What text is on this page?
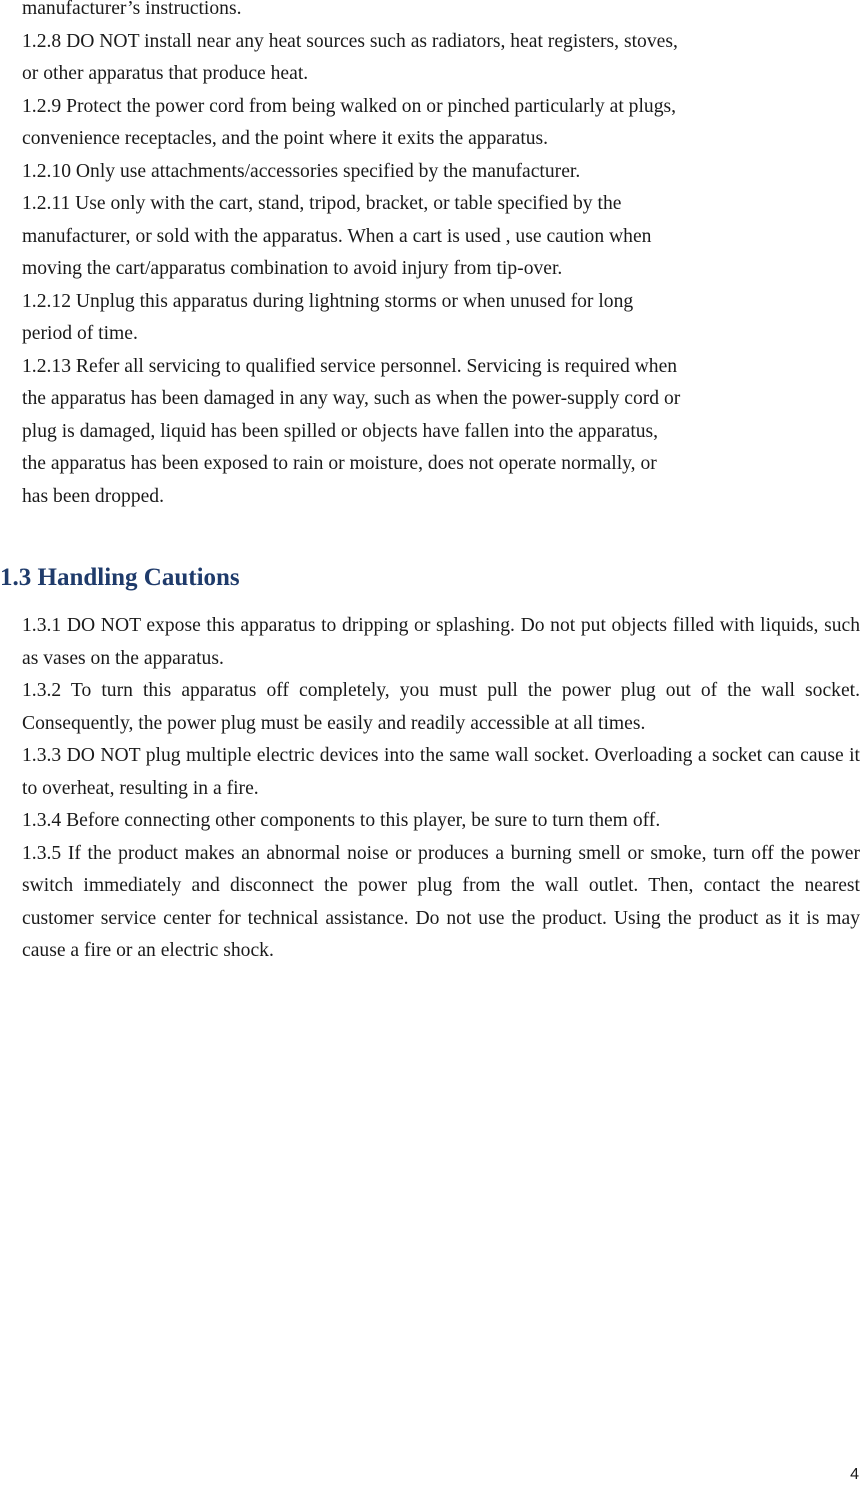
manufacturer’s instructions.

1.2.8 DO NOT install near any heat sources such as radiators, heat registers, stoves,

or other apparatus that produce heat.

1.2.9 Protect the power cord from being walked on or pinched particularly at plugs,

convenience receptacles, and the point where it exits the apparatus.

1.2.10 Only use attachments/accessories specified by the manufacturer.

1.2.11 Use only with the cart, stand, tripod, bracket, or table specified by the

manufacturer, or sold with the apparatus. When a cart is used , use caution when

moving the cart/apparatus combination to avoid injury from tip-over.

1.2.12 Unplug this apparatus during lightning storms or when unused for long

period of time.

1.2.13 Refer all servicing to qualified service personnel. Servicing is required when

the apparatus has been damaged in any way, such as when the power-supply cord or

plug is damaged, liquid has been spilled or objects have fallen into the apparatus,

the apparatus has been exposed to rain or moisture, does not operate normally, or

has been dropped.

1.3 Handling Cautions

1.3.1 DO NOT expose this apparatus to dripping or splashing. Do not put objects filled with liquids, such as vases on the apparatus.

1.3.2 To turn this apparatus off completely, you must pull the power plug out of the wall socket. Consequently, the power plug must be easily and readily accessible at all times.

1.3.3 DO NOT plug multiple electric devices into the same wall socket. Overloading a socket can cause it to overheat, resulting in a fire.

1.3.4 Before connecting other components to this player, be sure to turn them off.

1.3.5 If the product makes an abnormal noise or produces a burning smell or smoke, turn off the power switch immediately and disconnect the power plug from the wall outlet. Then, contact the nearest customer service center for technical assistance. Do not use the product. Using the product as it is may cause a fire or an electric shock.

4
